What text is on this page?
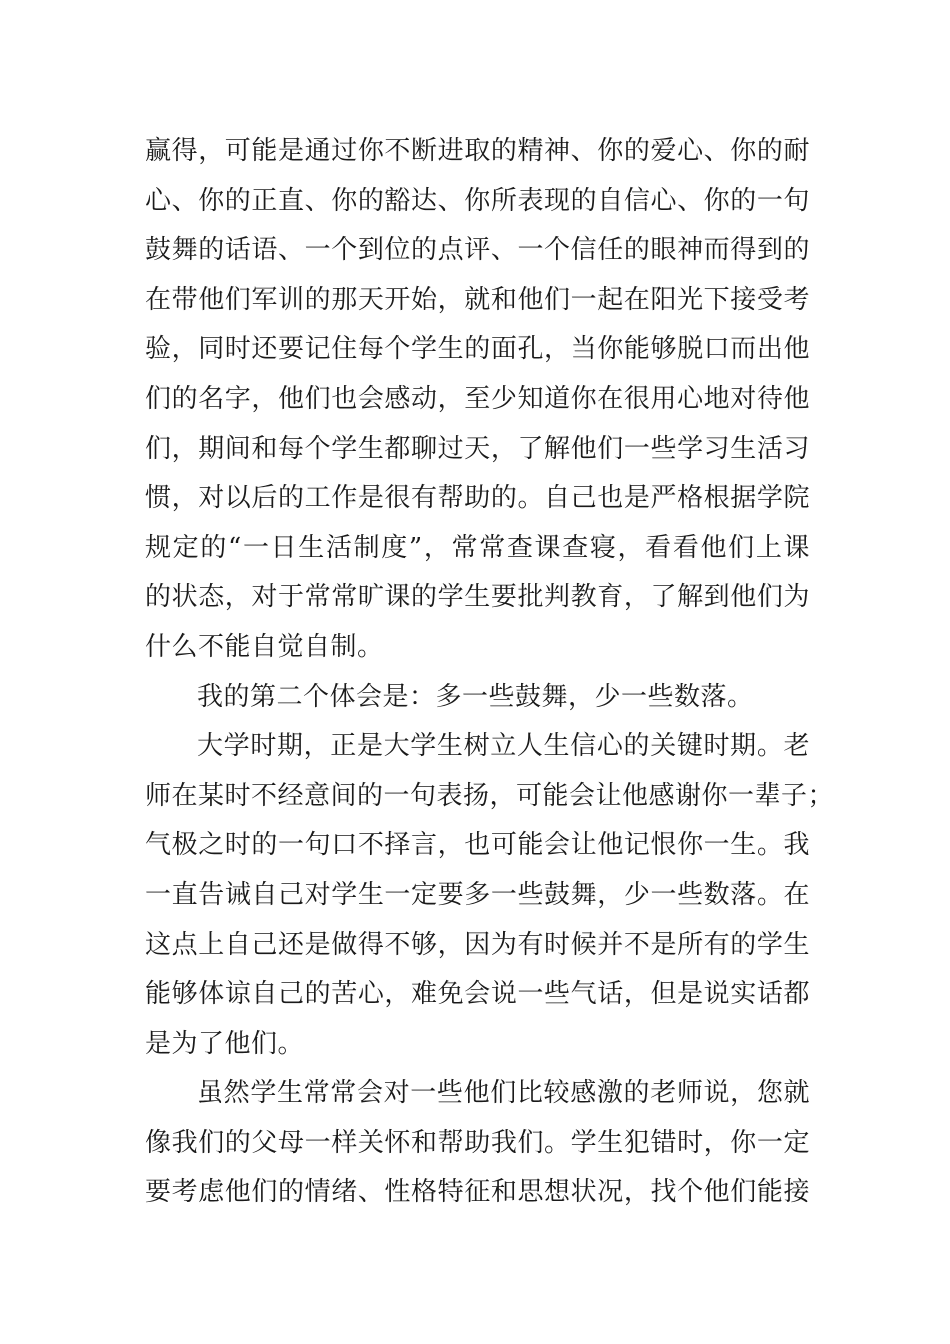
赢得，可能是通过你不断进取的精神、你的爱心、你的耐
心、你的正直、你的豁达、你所表现的自信心、你的一句
鼓舞的话语、一个到位的点评、一个信任的眼神而得到的
在带他们军训的那天开始，就和他们一起在阳光下接受考
验，同时还要记住每个学生的面孔，当你能够脱口而出他
们的名字，他们也会感动，至少知道你在很用心地对待他
们，期间和每个学生都聊过天，了解他们一些学习生活习
惯，对以后的工作是很有帮助的。自己也是严格根据学院
规定的“一日生活制度”，常常查课查寝，看看他们上课
的状态，对于常常旷课的学生要批判教育，了解到他们为
什么不能自觉自制。
我的第二个体会是：多一些鼓舞，少一些数落。
大学时期，正是大学生树立人生信心的关键时期。老
师在某时不经意间的一句表扬，可能会让他感谢你一辈子；
气极之时的一句口不择言，也可能会让他记恨你一生。我
一直告诫自己对学生一定要多一些鼓舞，少一些数落。在
这点上自己还是做得不够，因为有时候并不是所有的学生
能够体谅自己的苦心，难免会说一些气话，但是说实话都
是为了他们。
虽然学生常常会对一些他们比较感激的老师说，您就
像我们的父母一样关怀和帮助我们。学生犯错时，你一定
要考虑他们的情绪、性格特征和思想状况，找个他们能接
